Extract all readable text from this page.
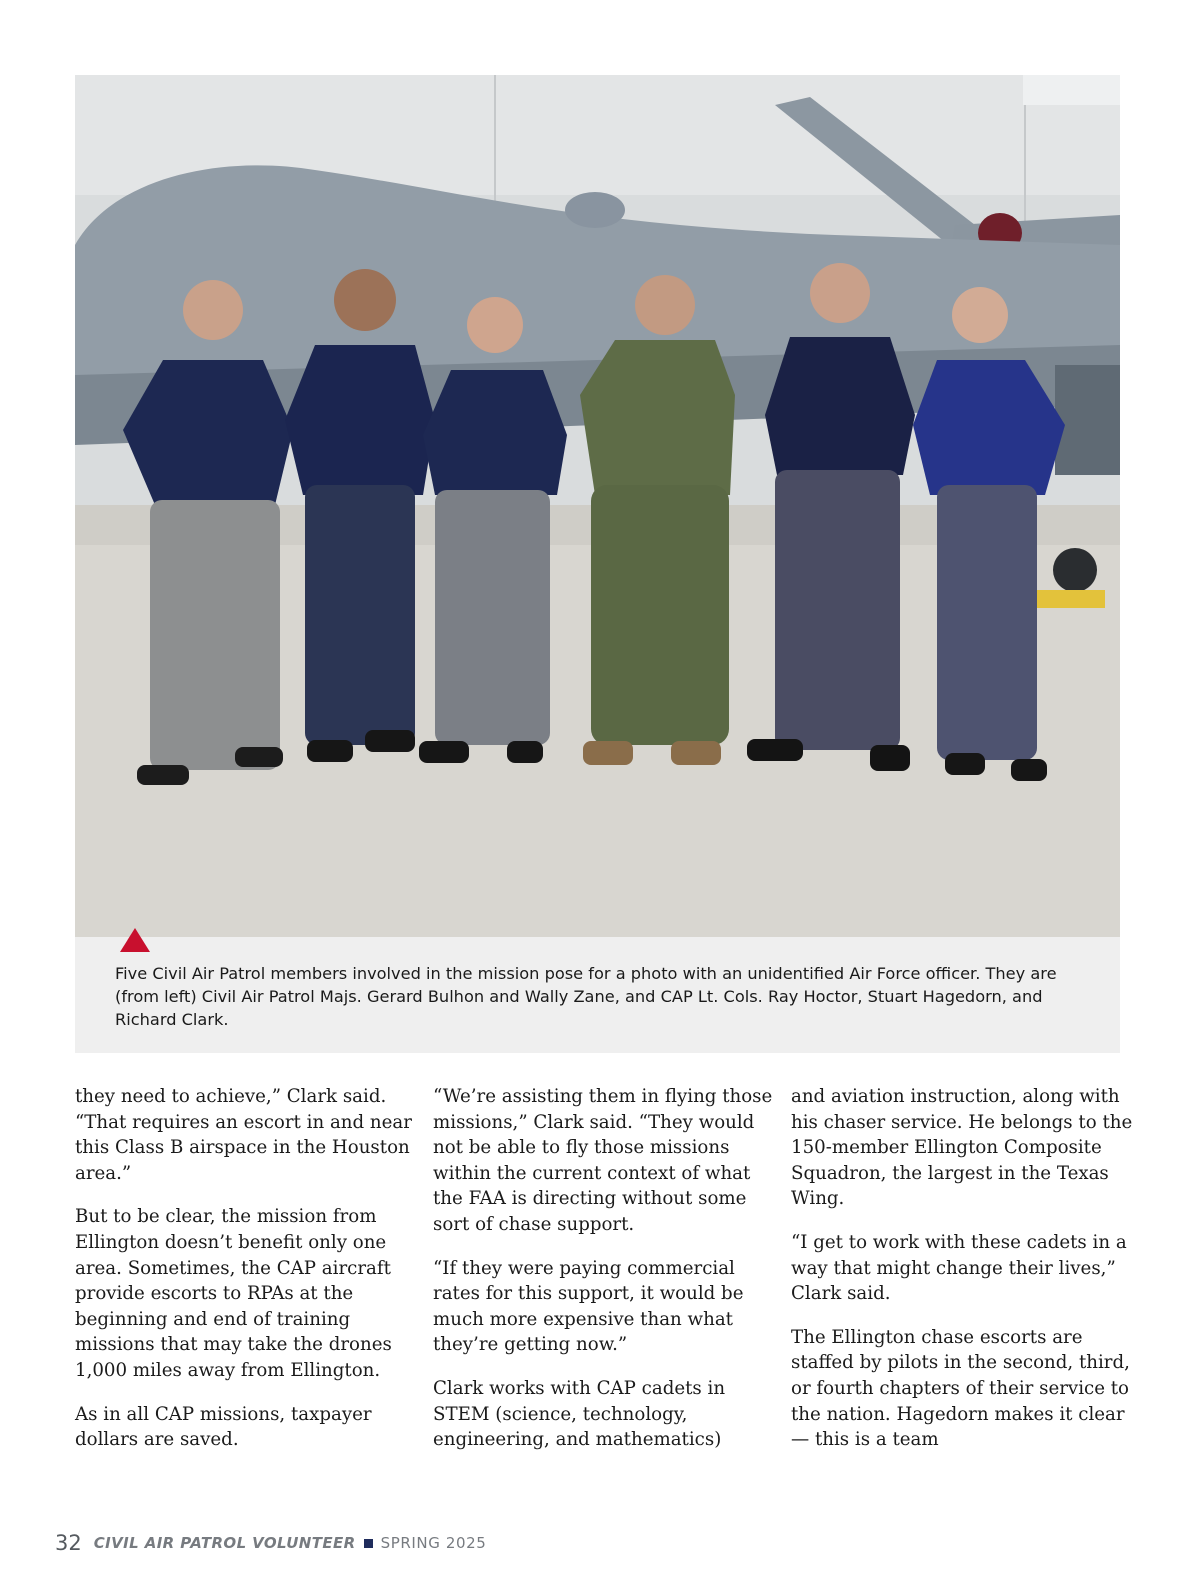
Five Civil Air Patrol members involved in the mission pose for a photo with an unidentified Air Force officer. They are (from left) Civil Air Patrol Majs. Gerard Bulhon and Wally Zane, and CAP Lt. Cols. Ray Hoctor, Stuart Hagedorn, and Richard Clark.

they need to achieve,” Clark said. “That requires an escort in and near this Class B airspace in the Houston area.”

But to be clear, the mission from Ellington doesn’t benefit only one area. Sometimes, the CAP aircraft provide escorts to RPAs at the beginning and end of training missions that may take the drones 1,000 miles away from Ellington.

As in all CAP missions, taxpayer dollars are saved.

“We’re assisting them in flying those missions,” Clark said. “They would not be able to fly those missions within the current context of what the FAA is directing without some sort of chase support.

“If they were paying commercial rates for this support, it would be much more expensive than what they’re getting now.”

Clark works with CAP cadets in STEM (science, technology, engineering, and mathematics)

and aviation instruction, along with his chaser service. He belongs to the 150-member Ellington Composite Squadron, the largest in the Texas Wing.

“I get to work with these cadets in a way that might change their lives,” Clark said.

The Ellington chase escorts are staffed by pilots in the second, third, or fourth chapters of their service to the nation. Hagedorn makes it clear — this is a team

32 CIVIL AIR PATROL VOLUNTEER SPRING 2025
